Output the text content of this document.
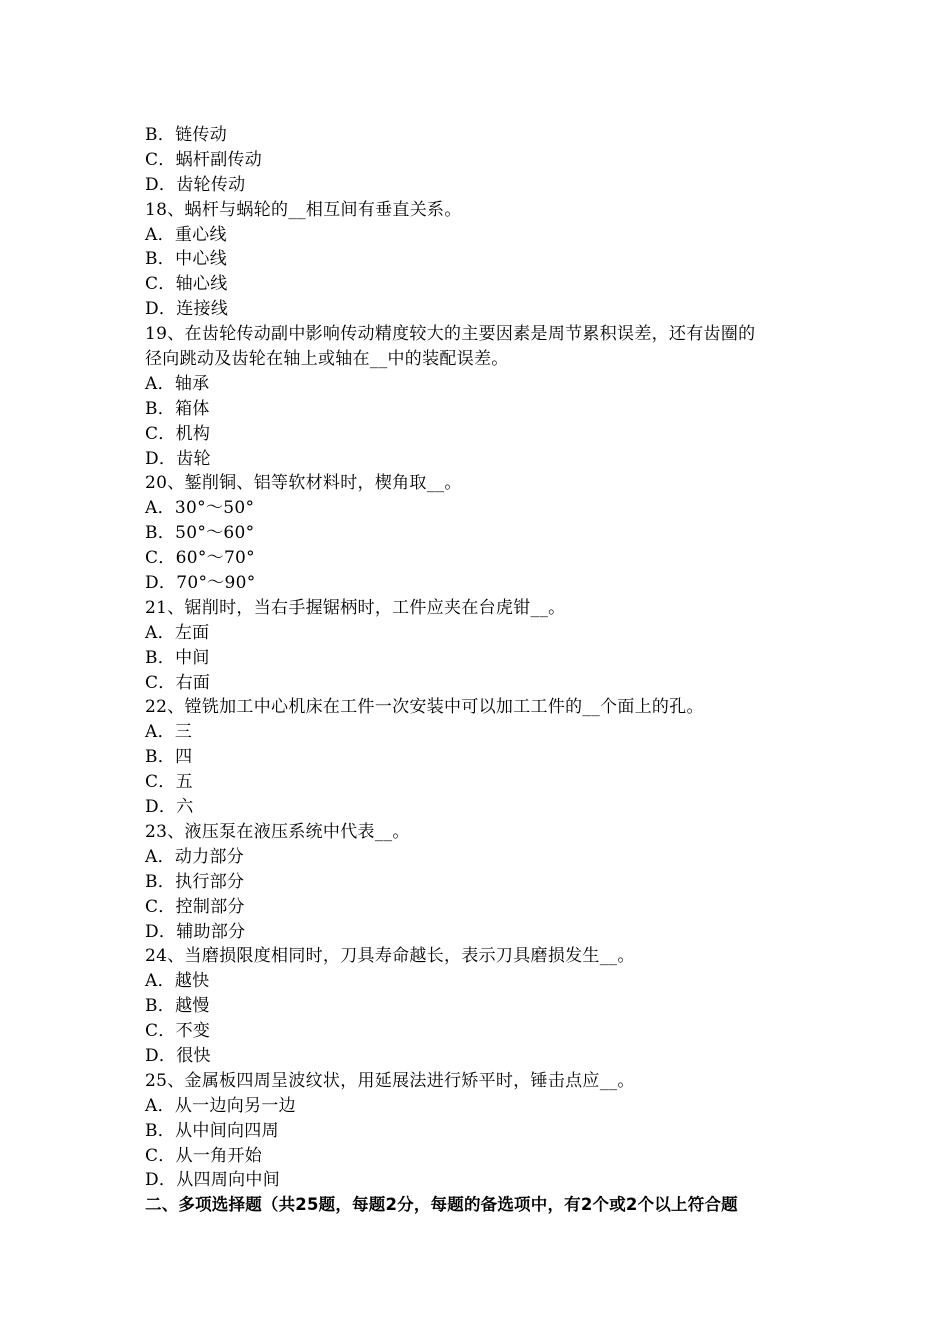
B．链传动
C．蜗杆副传动
D．齿轮传动
18、蜗杆与蜗轮的__相互间有垂直关系。
A．重心线
B．中心线
C．轴心线
D．连接线
19、在齿轮传动副中影响传动精度较大的主要因素是周节累积误差，还有齿圈的
径向跳动及齿轮在轴上或轴在__中的装配误差。
A．轴承
B．箱体
C．机构
D．齿轮
20、錾削铜、铝等软材料时，楔角取__。
A．30°～50°
B．50°～60°
C．60°～70°
D．70°～90°
21、锯削时，当右手握锯柄时，工件应夹在台虎钳__。
A．左面
B．中间
C．右面
22、镗铣加工中心机床在工件一次安装中可以加工工件的__个面上的孔。
A．三
B．四
C．五
D．六
23、液压泵在液压系统中代表__。
A．动力部分
B．执行部分
C．控制部分
D．辅助部分
24、当磨损限度相同时，刀具寿命越长，表示刀具磨损发生__。
A．越快
B．越慢
C．不变
D．很快
25、金属板四周呈波纹状，用延展法进行矫平时，锤击点应__。
A．从一边向另一边
B．从中间向四周
C．从一角开始
D．从四周向中间
二、多项选择题（共25题，每题2分，每题的备选项中，有2个或2个以上符合题
